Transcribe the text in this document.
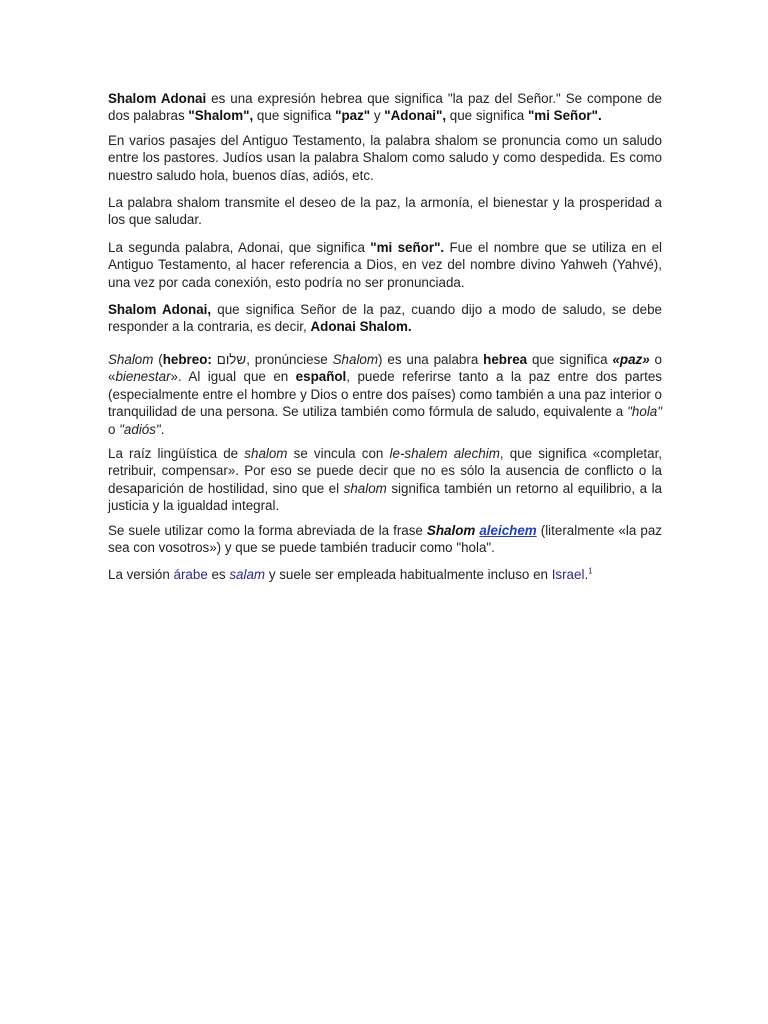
Shalom Adonai es una expresión hebrea que significa "la paz del Señor." Se compone de dos palabras "Shalom", que significa "paz" y "Adonai", que significa "mi Señor".

En varios pasajes del Antiguo Testamento, la palabra shalom se pronuncia como un saludo entre los pastores. Judíos usan la palabra Shalom como saludo y como despedida. Es como nuestro saludo hola, buenos días, adiós, etc.

La palabra shalom transmite el deseo de la paz, la armonía, el bienestar y la prosperidad a los que saludar.

La segunda palabra, Adonai, que significa "mi señor". Fue el nombre que se utiliza en el Antiguo Testamento, al hacer referencia a Dios, en vez del nombre divino Yahweh (Yahvé), una vez por cada conexión, esto podría no ser pronunciada.

Shalom Adonai, que significa Señor de la paz, cuando dijo a modo de saludo, se debe responder a la contraria, es decir, Adonai Shalom.

Shalom (hebreo: שלום, pronúnciese Shalom) es una palabra hebrea que significa «paz» o «bienestar». Al igual que en español, puede referirse tanto a la paz entre dos partes (especialmente entre el hombre y Dios o entre dos países) como también a una paz interior o tranquilidad de una persona. Se utiliza también como fórmula de saludo, equivalente a "hola" o "adiós".

La raíz lingüística de shalom se vincula con le-shalem alechim, que significa «completar, retribuir, compensar». Por eso se puede decir que no es sólo la ausencia de conflicto o la desaparición de hostilidad, sino que el shalom significa también un retorno al equilibrio, a la justicia y la igualdad integral.

Se suele utilizar como la forma abreviada de la frase Shalom aleichem (literalmente «la paz sea con vosotros») y que se puede también traducir como "hola".

La versión árabe es salam y suele ser empleada habitualmente incluso en Israel.$^1$
